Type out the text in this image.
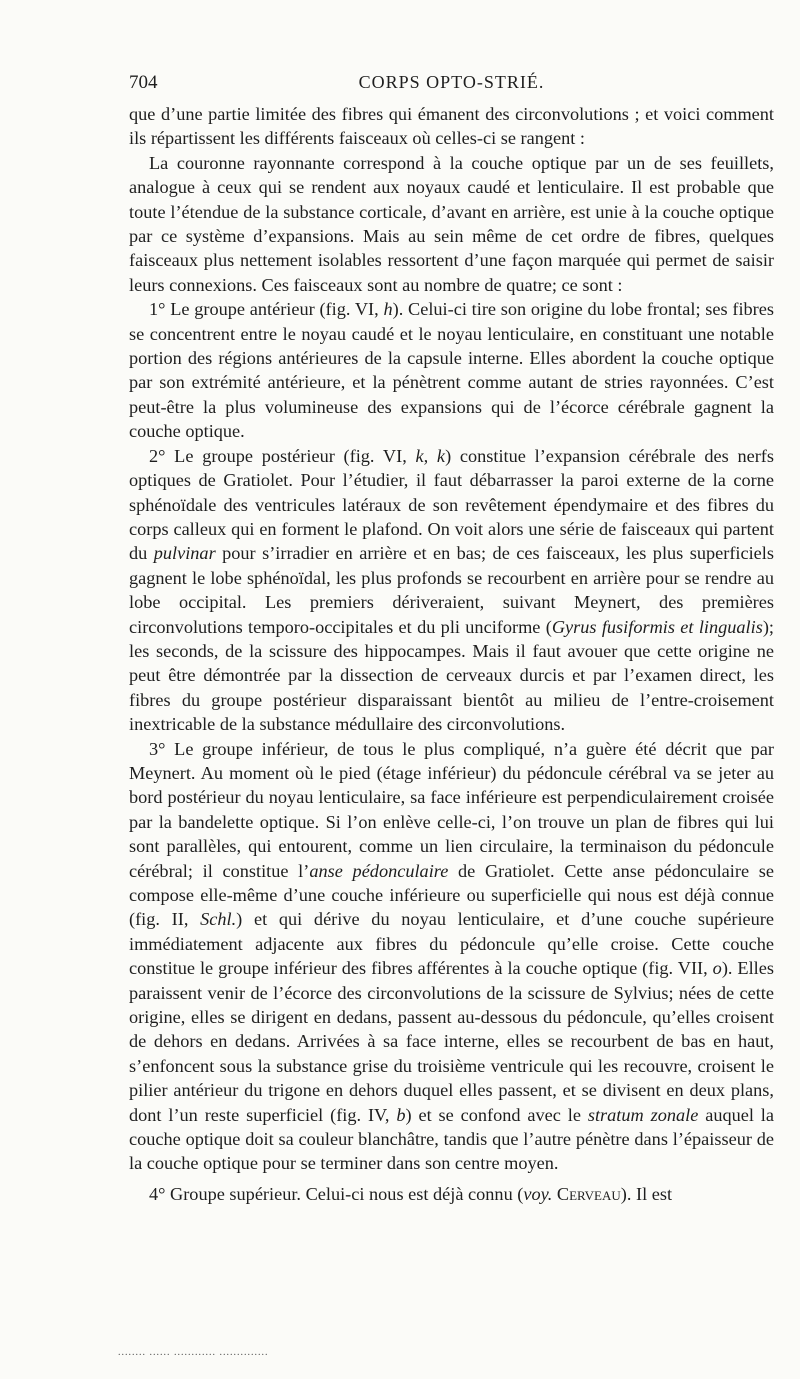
704	CORPS OPTO-STRIÉ.

que d’une partie limitée des fibres qui émanent des circonvolutions ; et voici comment ils répartissent les différents faisceaux où celles-ci se rangent :

La couronne rayonnante correspond à la couche optique par un de ses feuillets, analogue à ceux qui se rendent aux noyaux caudé et lenticulaire. Il est probable que toute l’étendue de la substance corticale, d’avant en arrière, est unie à la couche optique par ce système d’expansions. Mais au sein même de cet ordre de fibres, quelques faisceaux plus nettement isolables ressortent d’une façon marquée qui permet de saisir leurs connexions. Ces faisceaux sont au nombre de quatre; ce sont :

1° Le groupe antérieur (fig. VI, h). Celui-ci tire son origine du lobe frontal; ses fibres se concentrent entre le noyau caudé et le noyau lenticulaire, en constituant une notable portion des régions antérieures de la capsule interne. Elles abordent la couche optique par son extrémité antérieure, et la pénètrent comme autant de stries rayonnées. C’est peut-être la plus volumineuse des expansions qui de l’écorce cérébrale gagnent la couche optique.

2° Le groupe postérieur (fig. VI, k, k) constitue l’expansion cérébrale des nerfs optiques de Gratiolet. Pour l’étudier, il faut débarrasser la paroi externe de la corne sphénoïdale des ventricules latéraux de son revêtement épendymaire et des fibres du corps calleux qui en forment le plafond. On voit alors une série de faisceaux qui partent du pulvinar pour s’irradier en arrière et en bas; de ces faisceaux, les plus superficiels gagnent le lobe sphénoïdal, les plus profonds se recourbent en arrière pour se rendre au lobe occipital. Les premiers dériveraient, suivant Meynert, des premières circonvolutions temporo-occipitales et du pli unciforme (Gyrus fusiformis et lingualis); les seconds, de la scissure des hippocampes. Mais il faut avouer que cette origine ne peut être démontrée par la dissection de cerveaux durcis et par l’examen direct, les fibres du groupe postérieur disparaissant bientôt au milieu de l’entre-croisement inextricable de la substance médullaire des circonvolutions.

3° Le groupe inférieur, de tous le plus compliqué, n’a guère été décrit que par Meynert. Au moment où le pied (étage inférieur) du pédoncule cérébral va se jeter au bord postérieur du noyau lenticulaire, sa face inférieure est perpendiculairement croisée par la bandelette optique. Si l’on enlève celle-ci, l’on trouve un plan de fibres qui lui sont parallèles, qui entourent, comme un lien circulaire, la terminaison du pédoncule cérébral; il constitue l’anse pédonculaire de Gratiolet. Cette anse pédonculaire se compose elle-même d’une couche inférieure ou superficielle qui nous est déjà connue (fig. II, Schl.) et qui dérive du noyau lenticulaire, et d’une couche supérieure immédiatement adjacente aux fibres du pédoncule qu’elle croise. Cette couche constitue le groupe inférieur des fibres afférentes à la couche optique (fig. VII, o). Elles paraissent venir de l’écorce des circonvolutions de la scissure de Sylvius; nées de cette origine, elles se dirigent en dedans, passent au-dessous du pédoncule, qu’elles croisent de dehors en dedans. Arrivées à sa face interne, elles se recourbent de bas en haut, s’enfoncent sous la substance grise du troisième ventricule qui les recouvre, croisent le pilier antérieur du trigone en dehors duquel elles passent, et se divisent en deux plans, dont l’un reste superficiel (fig. IV, b) et se confond avec le stratum zonale auquel la couche optique doit sa couleur blanchâtre, tandis que l’autre pénètre dans l’épaisseur de la couche optique pour se terminer dans son centre moyen.

4° Groupe supérieur. Celui-ci nous est déjà connu (voy. Cerveau). Il est

........ ...... ............ ..............
